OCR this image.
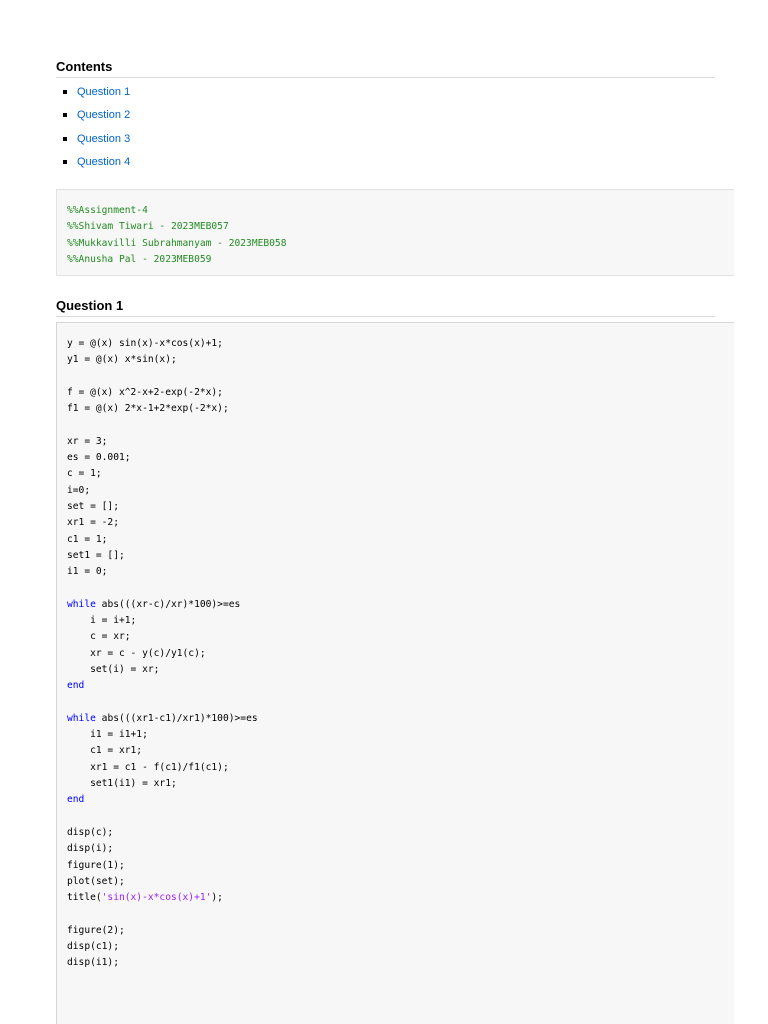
Contents
Question 1
Question 2
Question 3
Question 4
%%Assignment-4
%%Shivam Tiwari - 2023MEB057
%%Mukkavilli Subrahmanyam - 2023MEB058
%%Anusha Pal - 2023MEB059

Question 1
y = @(x) sin(x)-x*cos(x)+1;
y1 = @(x) x*sin(x);

f = @(x) x^2-x+2-exp(-2*x);
f1 = @(x) 2*x-1+2*exp(-2*x);

xr = 3;
es = 0.001;
c = 1;
i=0;
set = [];
xr1 = -2;
c1 = 1;
set1 = [];
i1 = 0;

while abs(((xr-c)/xr)*100)>=es
i = i+1;
c = xr;
xr = c - y(c)/y1(c);
set(i) = xr;
end

while abs(((xr1-c1)/xr1)*100)>=es
i1 = i1+1;
c1 = xr1;
xr1 = c1 - f(c1)/f1(c1);
set1(i1) = xr1;
end

disp(c);
disp(i);
figure(1);
plot(set);
title('sin(x)-x*cos(x)+1');

figure(2);
disp(c1);
disp(i1);
